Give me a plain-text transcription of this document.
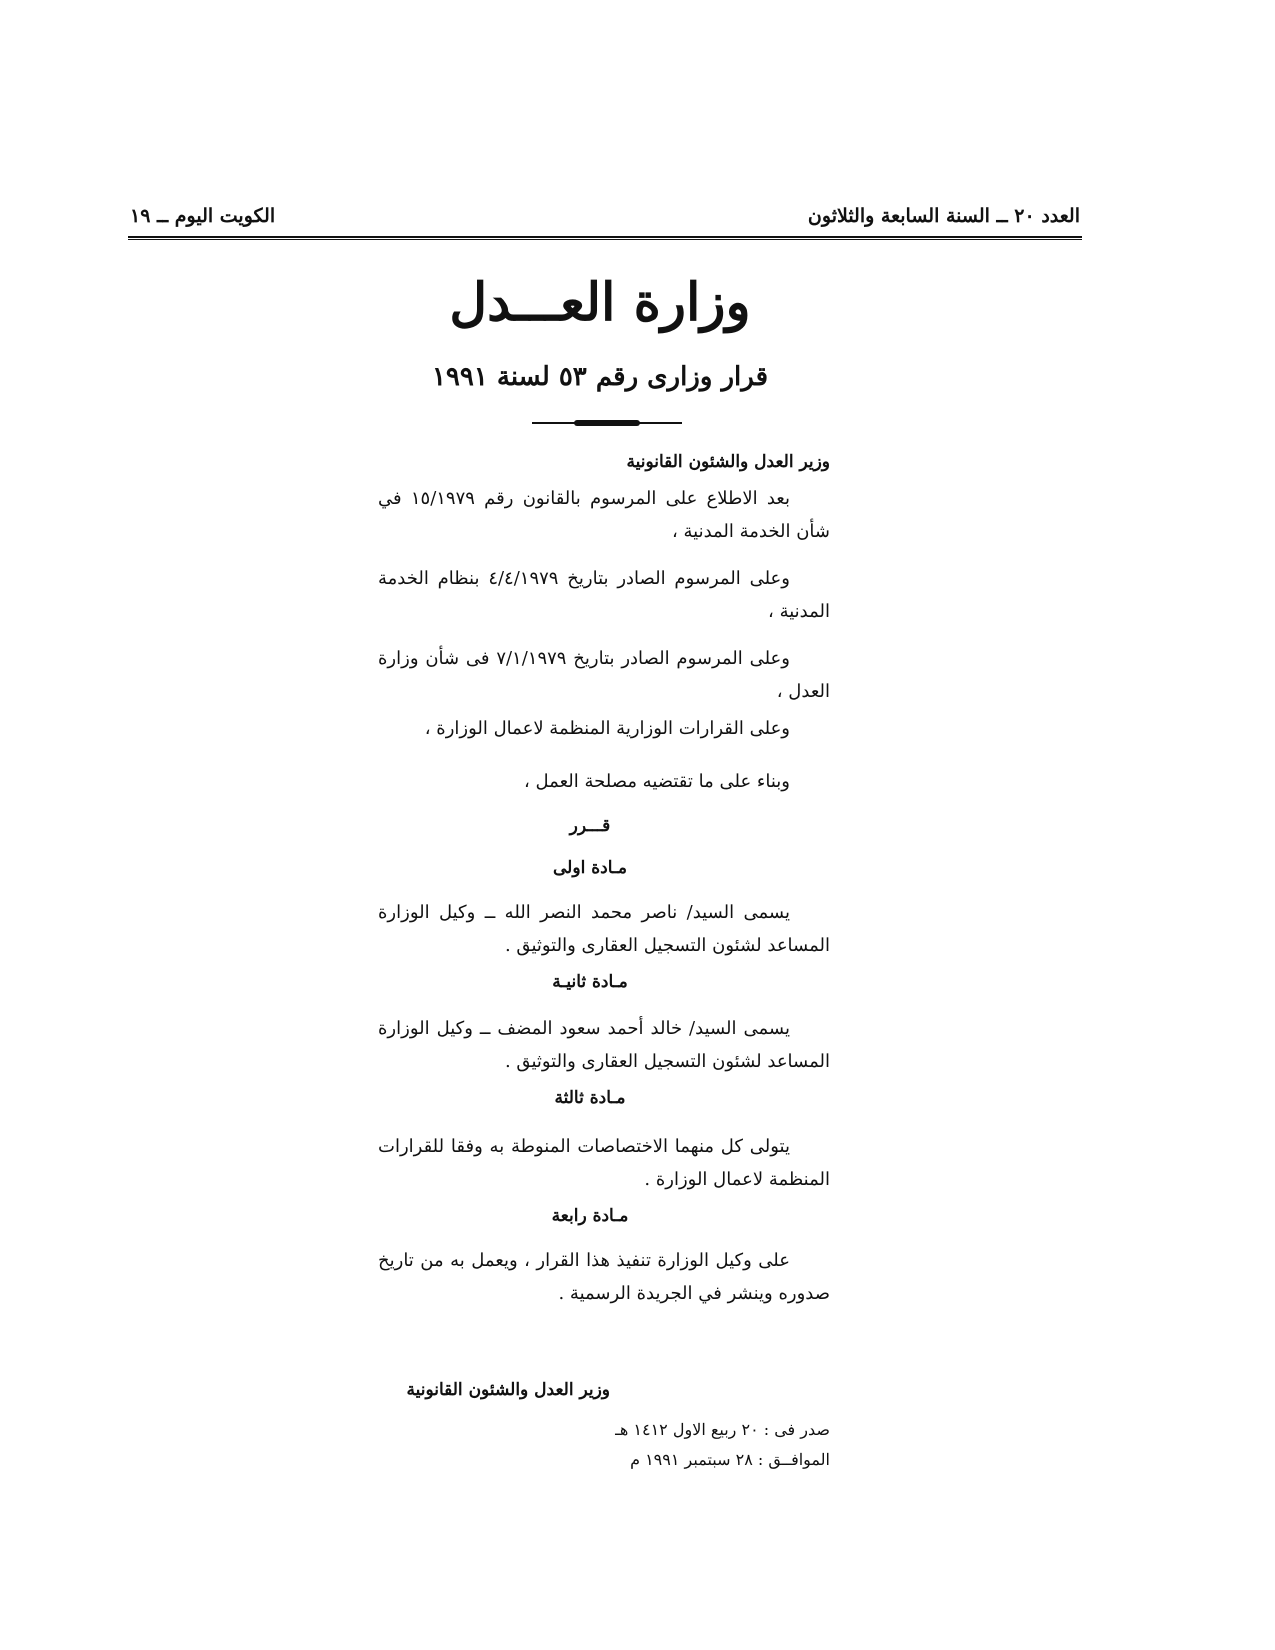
العدد ٢٠ ــ السنة السابعة والثلاثون
الكويت اليوم ــ ١٩
وزارة العـــدل
قرار وزارى رقم ٥٣ لسنة ١٩٩١
وزير العدل والشئون القانونية
بعد الاطلاع على المرسوم بالقانون رقم ١٥/١٩٧٩ في شأن الخدمة المدنية ،
وعلى المرسوم الصادر بتاريخ ٤/٤/١٩٧٩ بنظام الخدمة المدنية ،
وعلى المرسوم الصادر بتاريخ ٧/١/١٩٧٩ فى شأن وزارة العدل ،
وعلى القرارات الوزارية المنظمة لاعمال الوزارة ،
وبناء على ما تقتضيه مصلحة العمل ،
قـــرر
مـادة اولى
يسمى السيد/ ناصر محمد النصر الله ــ وكيل الوزارة المساعد لشئون التسجيل العقارى والتوثيق .
مـادة ثانيـة
يسمى السيد/ خالد أحمد سعود المضف ــ وكيل الوزارة المساعد لشئون التسجيل العقارى والتوثيق .
مـادة ثالثة
يتولى كل منهما الاختصاصات المنوطة به وفقا للقرارات المنظمة لاعمال الوزارة .
مـادة رابعة
على وكيل الوزارة تنفيذ هذا القرار ، ويعمل به من تاريخ صدوره وينشر في الجريدة الرسمية .
وزير العدل والشئون القانونية
صدر فى : ٢٠ ربيع الاول ١٤١٢ هـ
الموافــق : ٢٨ سبتمبر ١٩٩١ م
